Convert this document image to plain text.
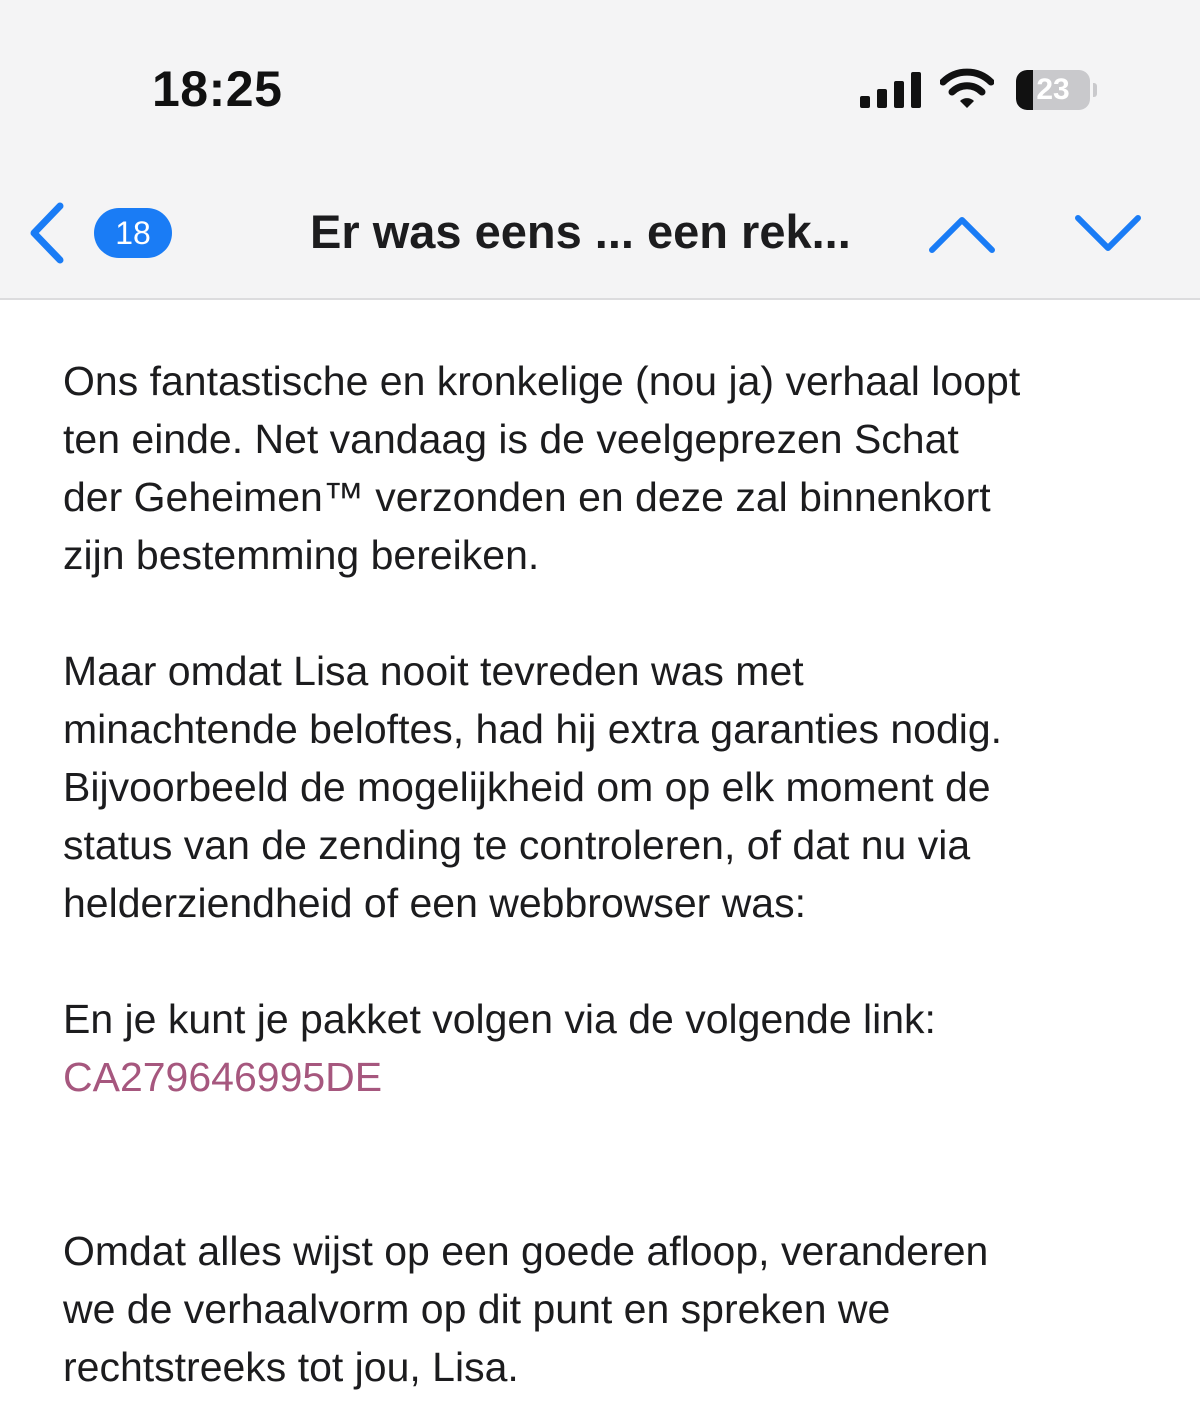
18:25	23
18	Er was eens ... een rek...

Ons fantastische en kronkelige (nou ja) verhaal loopt
ten einde. Net vandaag is de veelgeprezen Schat
der Geheimen™ verzonden en deze zal binnenkort
zijn bestemming bereiken.

Maar omdat Lisa nooit tevreden was met
minachtende beloftes, had hij extra garanties nodig.
Bijvoorbeeld de mogelijkheid om op elk moment de
status van de zending te controleren, of dat nu via
helderziendheid of een webbrowser was:

En je kunt je pakket volgen via de volgende link:

CA279646995DE

Omdat alles wijst op een goede afloop, veranderen
we de verhaalvorm op dit punt en spreken we
rechtstreeks tot jou, Lisa.
